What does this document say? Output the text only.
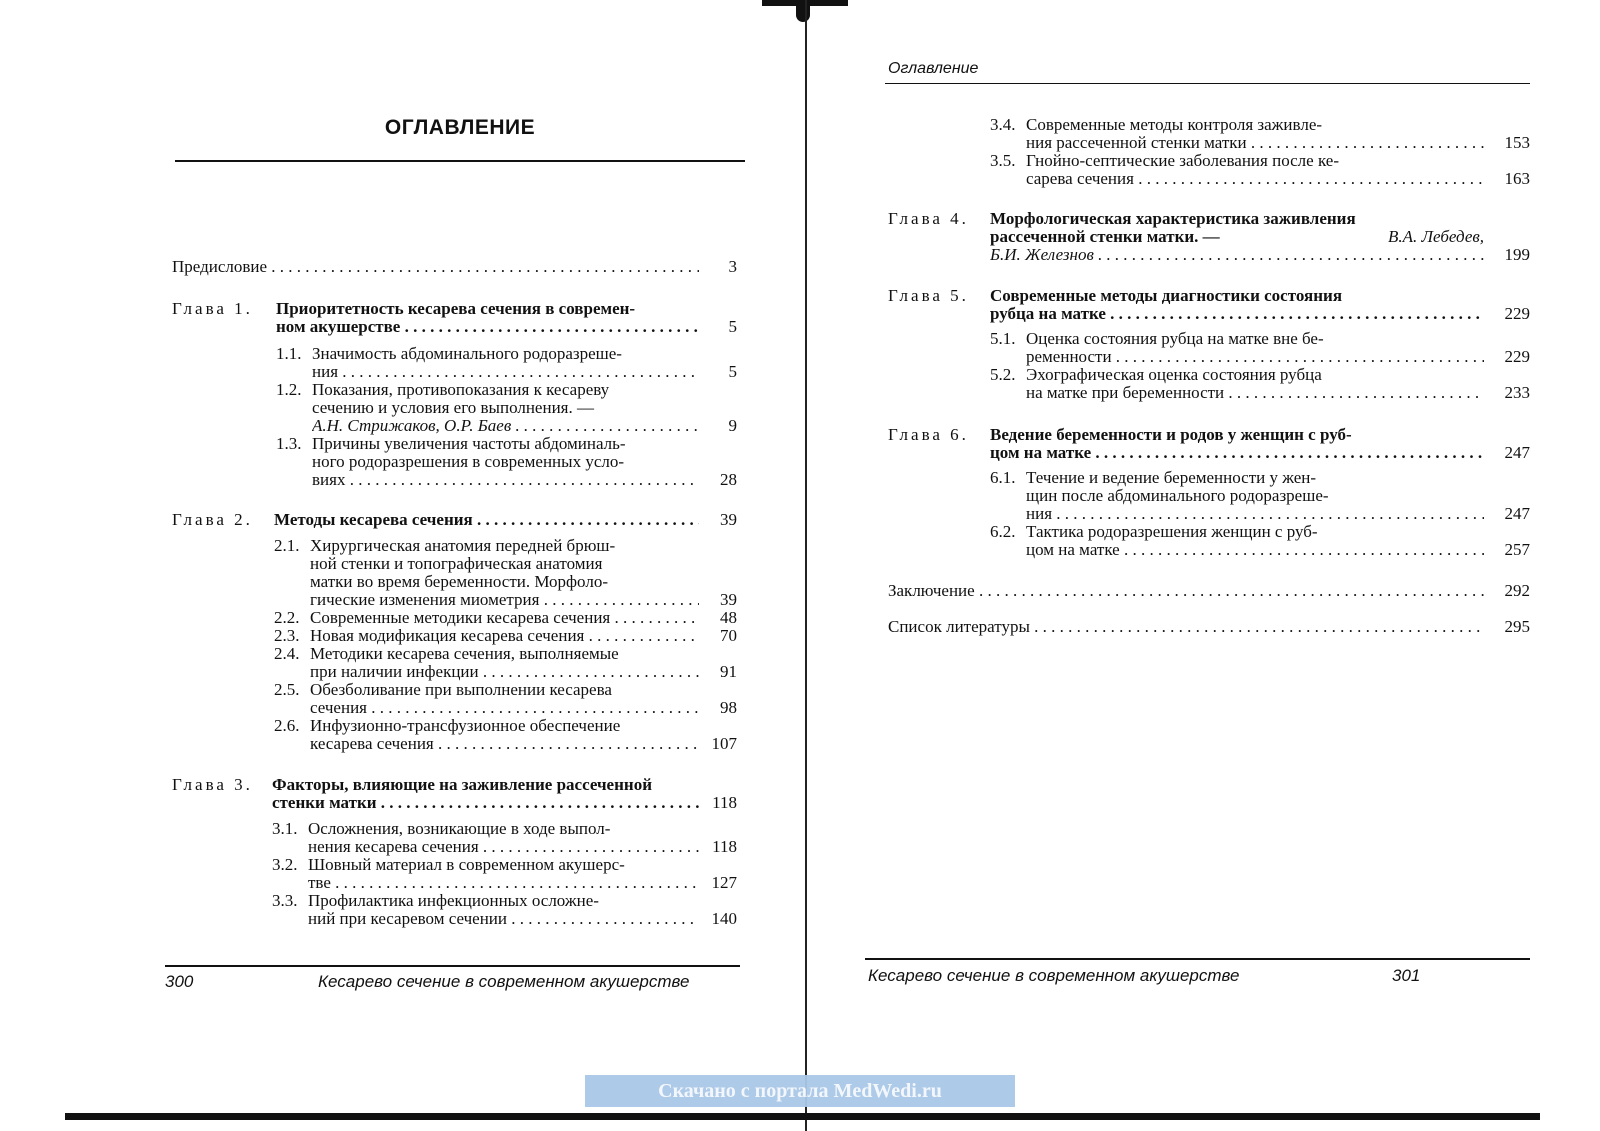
ОГЛАВЛЕНИЕ
Предисловие . . .	3
Глава 1. Приоритетность кесарева сечения в современ-
ном акушерстве . . .	5
1.1. Значимость абдоминального родоразреше-
ния . . .	5
1.2. Показания, противопоказания к кесареву
сечению и условия его выполнения. —
А.Н. Стрижаков, О.Р. Баев . . .	9
1.3. Причины увеличения частоты абдоминаль-
ного родоразрешения в современных усло-
виях . . .	28
Глава 2. Методы кесарева сечения . . .	39
2.1. Хирургическая анатомия передней брюш-
ной стенки и топографическая анатомия
матки во время беременности. Морфоло-
гические изменения миометрия . . .	39
2.2. Современные методики кесарева сечения . . .	48
2.3. Новая модификация кесарева сечения . . .	70
2.4. Методики кесарева сечения, выполняемые
при наличии инфекции . . .	91
2.5. Обезболивание при выполнении кесарева
сечения . . .	98
2.6. Инфузионно-трансфузионное обеспечение
кесарева сечения . . .	107
Глава 3. Факторы, влияющие на заживление рассеченной
стенки матки . . .	118
3.1. Осложнения, возникающие в ходе выпол-
нения кесарева сечения . . .	118
3.2. Шовный материал в современном акушерс-
тве . . .	127
3.3. Профилактика инфекционных осложне-
ний при кесаревом сечении . . .	140
300	Кесарево сечение в современном акушерстве
Оглавление
3.4. Современные методы контроля заживле-
ния рассеченной стенки матки . . .	153
3.5. Гнойно-септические заболевания после ке-
сарева сечения . . .	163
Глава 4. Морфологическая характеристика заживления
рассеченной стенки матки. —	В.А. Лебедев,
Б.И. Железнов . . .	199
Глава 5. Современные методы диагностики состояния
рубца на матке . . .	229
5.1. Оценка состояния рубца на матке вне бе-
ременности . . .	229
5.2. Эхографическая оценка состояния рубца
на матке при беременности . . .	233
Глава 6. Ведение беременности и родов у женщин с руб-
цом на матке . . .	247
6.1. Течение и ведение беременности у жен-
щин после абдоминального родоразреше-
ния . . .	247
6.2. Тактика родоразрешения женщин с руб-
цом на матке . . .	257
Заключение . . .	292
Список литературы . . .	295
Кесарево сечение в современном акушерстве	301
Скачано с портала MedWedi.ru
